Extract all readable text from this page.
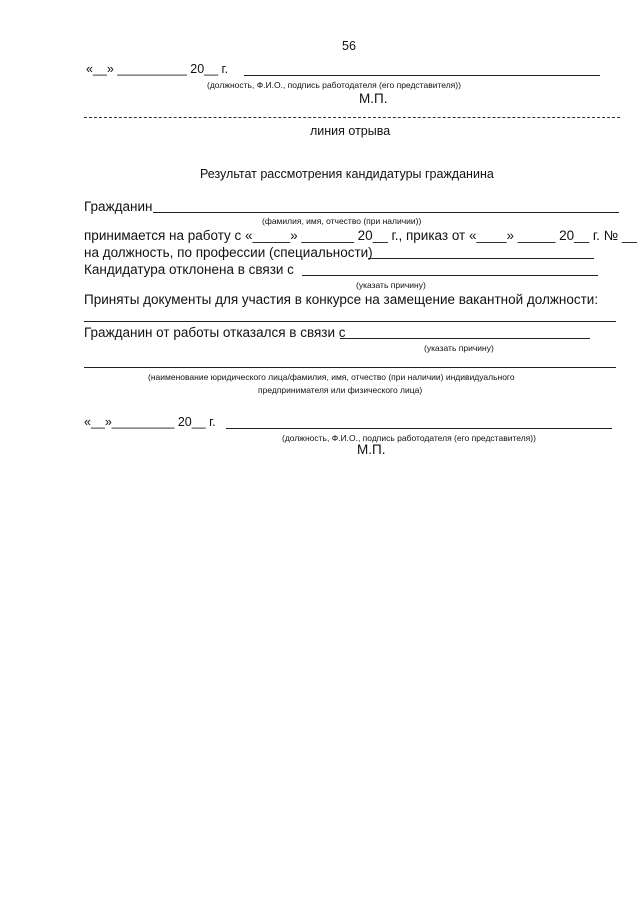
56
«__» __________ 20__ г.
(должность, Ф.И.О., подпись работодателя (его представителя))
М.П.
линия отрыва
Результат рассмотрения кандидатуры гражданина
Гражданин
(фамилия, имя, отчество (при наличии))
принимается на работу с «_____» _______ 20__ г., приказ от «____» _____ 20__ г. № __
на должность, по профессии (специальности)
Кандидатура отклонена в связи с
(указать причину)
Приняты документы для участия в конкурсе на замещение вакантной должности:
Гражданин от работы отказался в связи с
(указать причину)
(наименование юридического лица/фамилия, имя, отчество (при наличии) индивидуального
предпринимателя или физического лица)
«__»_________ 20__ г.
(должность, Ф.И.О., подпись работодателя (его представителя))
М.П.
